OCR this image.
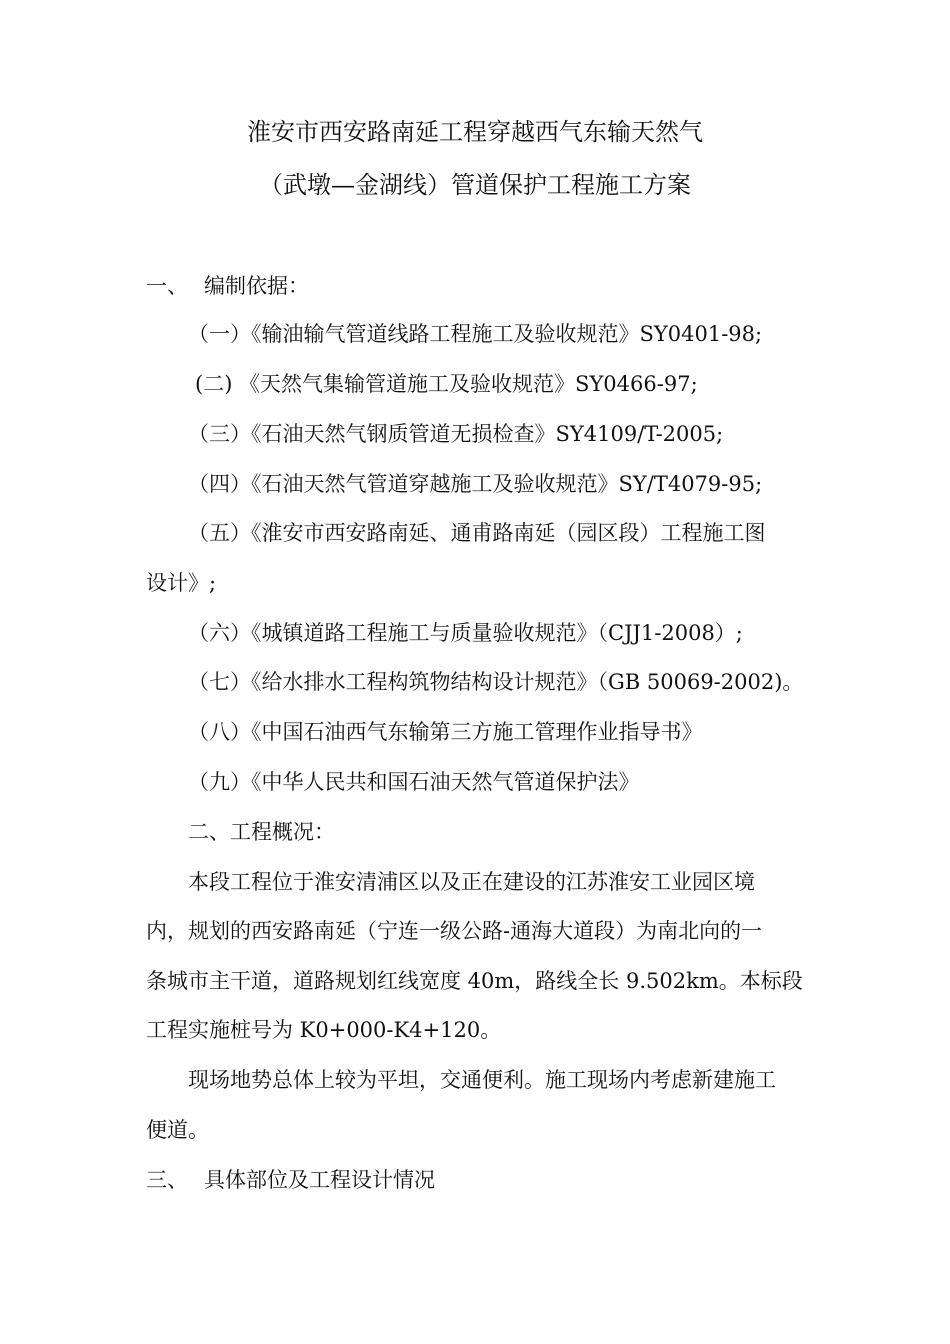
淮安市西安路南延工程穿越西气东输天然气
（武墩—金湖线）管道保护工程施工方案
一、 编制依据：
（一）《输油输气管道线路工程施工及验收规范》SY0401-98;
(二) 《天然气集输管道施工及验收规范》SY0466-97;
（三）《石油天然气钢质管道无损检查》SY4109/T-2005;
（四）《石油天然气管道穿越施工及验收规范》SY/T4079-95;
（五）《淮安市西安路南延、通甫路南延（园区段）工程施工图
设计》;
（六）《城镇道路工程施工与质量验收规范》（CJJ1-2008）;
（七）《给水排水工程构筑物结构设计规范》（GB 50069-2002)。
（八）《中国石油西气东输第三方施工管理作业指导书》
（九）《中华人民共和国石油天然气管道保护法》
二、工程概况：
本段工程位于淮安清浦区以及正在建设的江苏淮安工业园区境
内，规划的西安路南延（宁连一级公路-通海大道段）为南北向的一
条城市主干道，道路规划红线宽度 40m，路线全长 9.502km。本标段
工程实施桩号为 K0+000-K4+120。
现场地势总体上较为平坦，交通便利。施工现场内考虑新建施工
便道。
三、 具体部位及工程设计情况
